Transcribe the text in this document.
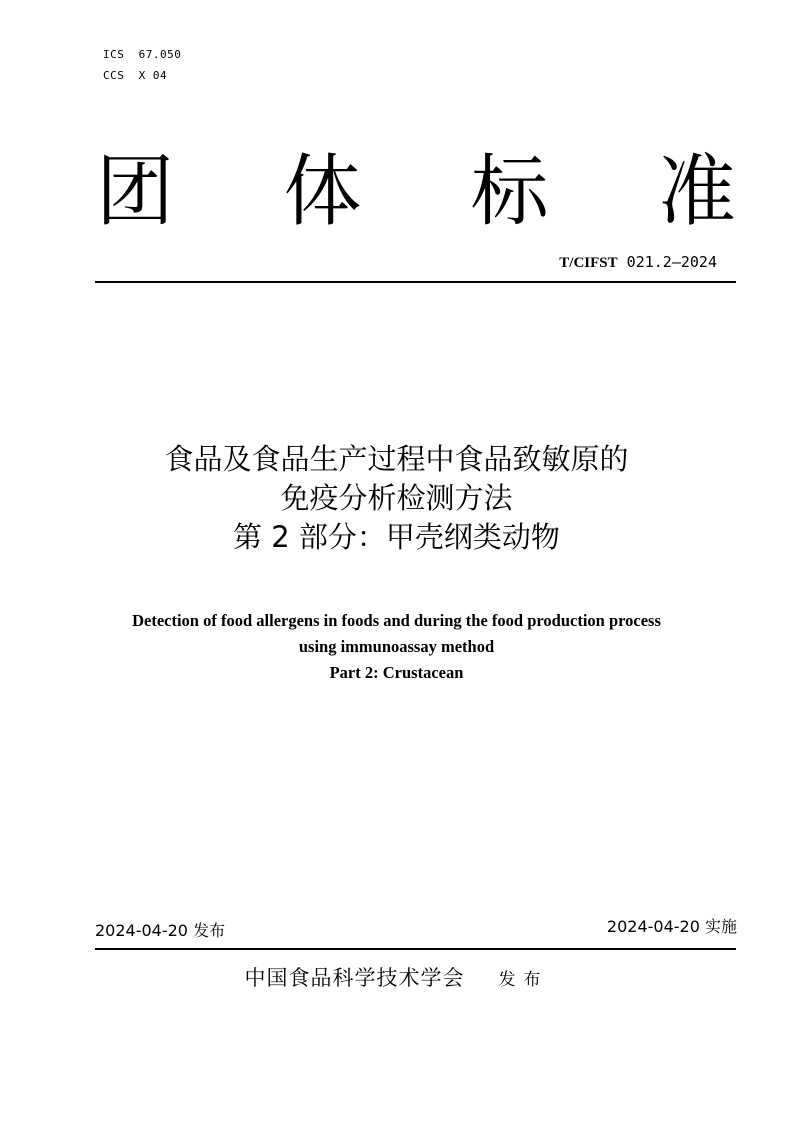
ICS  67.050
CCS  X 04
团 体 标 准
T/CIFST 021.2—2024
食品及食品生产过程中食品致敏原的
免疫分析检测方法
第 2 部分：甲壳纲类动物
Detection of food allergens in foods and during the food production process
using immunoassay method
Part 2: Crustacean
2024-04-20 发布	2024-04-20 实施
中国食品科学技术学会 发布
